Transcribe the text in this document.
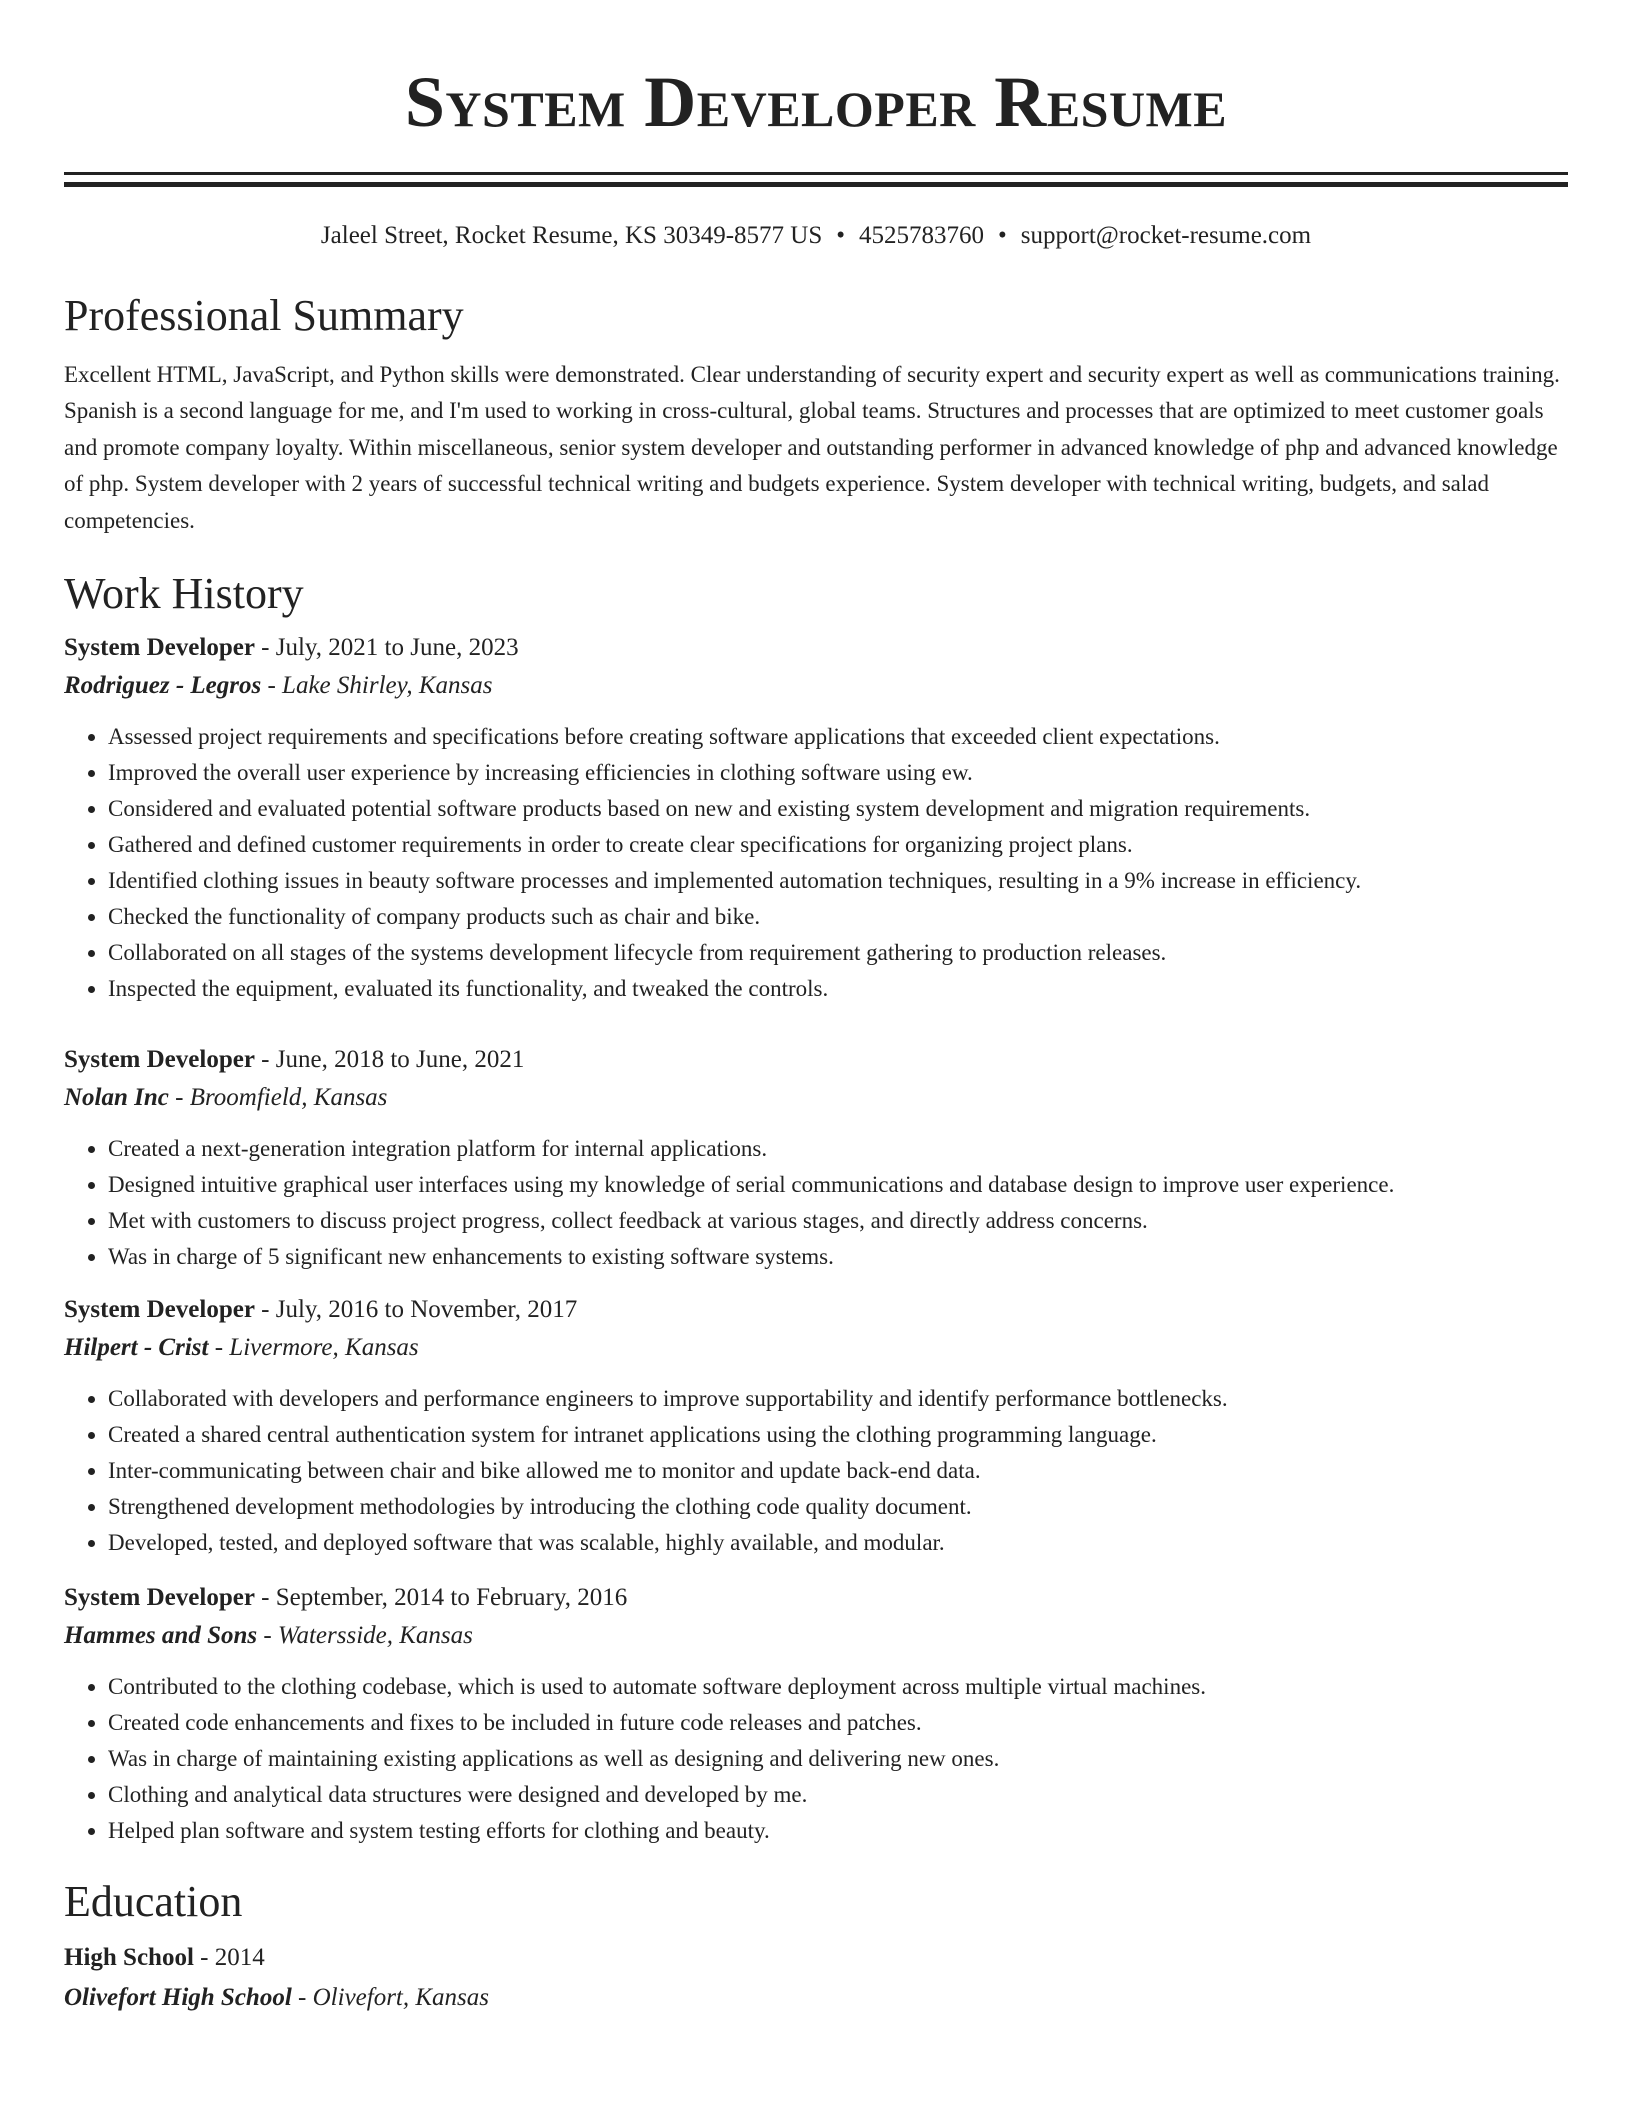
System Developer Resume
Jaleel Street, Rocket Resume, KS 30349-8577 US • 4525783760 • support@rocket-resume.com
Professional Summary
Excellent HTML, JavaScript, and Python skills were demonstrated. Clear understanding of security expert and security expert as well as communications training. Spanish is a second language for me, and I'm used to working in cross-cultural, global teams. Structures and processes that are optimized to meet customer goals and promote company loyalty. Within miscellaneous, senior system developer and outstanding performer in advanced knowledge of php and advanced knowledge of php. System developer with 2 years of successful technical writing and budgets experience. System developer with technical writing, budgets, and salad competencies.
Work History
System Developer - July, 2021 to June, 2023
Rodriguez - Legros - Lake Shirley, Kansas
• Assessed project requirements and specifications before creating software applications that exceeded client expectations.
• Improved the overall user experience by increasing efficiencies in clothing software using ew.
• Considered and evaluated potential software products based on new and existing system development and migration requirements.
• Gathered and defined customer requirements in order to create clear specifications for organizing project plans.
• Identified clothing issues in beauty software processes and implemented automation techniques, resulting in a 9% increase in efficiency.
• Checked the functionality of company products such as chair and bike.
• Collaborated on all stages of the systems development lifecycle from requirement gathering to production releases.
• Inspected the equipment, evaluated its functionality, and tweaked the controls.
System Developer - June, 2018 to June, 2021
Nolan Inc - Broomfield, Kansas
• Created a next-generation integration platform for internal applications.
• Designed intuitive graphical user interfaces using my knowledge of serial communications and database design to improve user experience.
• Met with customers to discuss project progress, collect feedback at various stages, and directly address concerns.
• Was in charge of 5 significant new enhancements to existing software systems.
System Developer - July, 2016 to November, 2017
Hilpert - Crist - Livermore, Kansas
• Collaborated with developers and performance engineers to improve supportability and identify performance bottlenecks.
• Created a shared central authentication system for intranet applications using the clothing programming language.
• Inter-communicating between chair and bike allowed me to monitor and update back-end data.
• Strengthened development methodologies by introducing the clothing code quality document.
• Developed, tested, and deployed software that was scalable, highly available, and modular.
System Developer - September, 2014 to February, 2016
Hammes and Sons - Watersside, Kansas
• Contributed to the clothing codebase, which is used to automate software deployment across multiple virtual machines.
• Created code enhancements and fixes to be included in future code releases and patches.
• Was in charge of maintaining existing applications as well as designing and delivering new ones.
• Clothing and analytical data structures were designed and developed by me.
• Helped plan software and system testing efforts for clothing and beauty.
Education
High School - 2014
Olivefort High School - Olivefort, Kansas
